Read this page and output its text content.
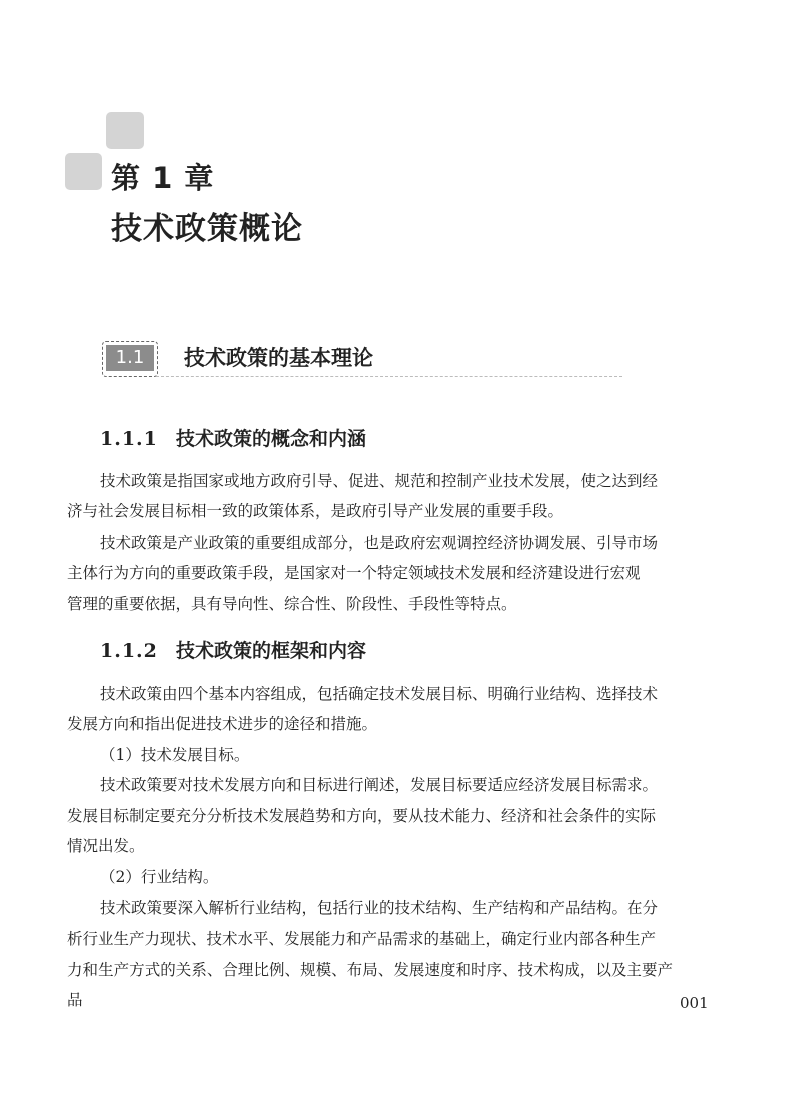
第 1 章
技术政策概论
1.1	技术政策的基本理论
1.1.1 技术政策的概念和内涵

技术政策是指国家或地方政府引导、促进、规范和控制产业技术发展，使之达到经

济与社会发展目标相一致的政策体系，是政府引导产业发展的重要手段。

技术政策是产业政策的重要组成部分，也是政府宏观调控经济协调发展、引导市场

主体行为方向的重要政策手段，是国家对一个特定领域技术发展和经济建设进行宏观

管理的重要依据，具有导向性、综合性、阶段性、手段性等特点。

1.1.2 技术政策的框架和内容

技术政策由四个基本内容组成，包括确定技术发展目标、明确行业结构、选择技术

发展方向和指出促进技术进步的途径和措施。

（1）技术发展目标。

技术政策要对技术发展方向和目标进行阐述，发展目标要适应经济发展目标需求。

发展目标制定要充分分析技术发展趋势和方向，要从技术能力、经济和社会条件的实际

情况出发。

（2）行业结构。

技术政策要深入解析行业结构，包括行业的技术结构、生产结构和产品结构。在分

析行业生产力现状、技术水平、发展能力和产品需求的基础上，确定行业内部各种生产

力和生产方式的关系、合理比例、规模、布局、发展速度和时序、技术构成，以及主要产品	001
